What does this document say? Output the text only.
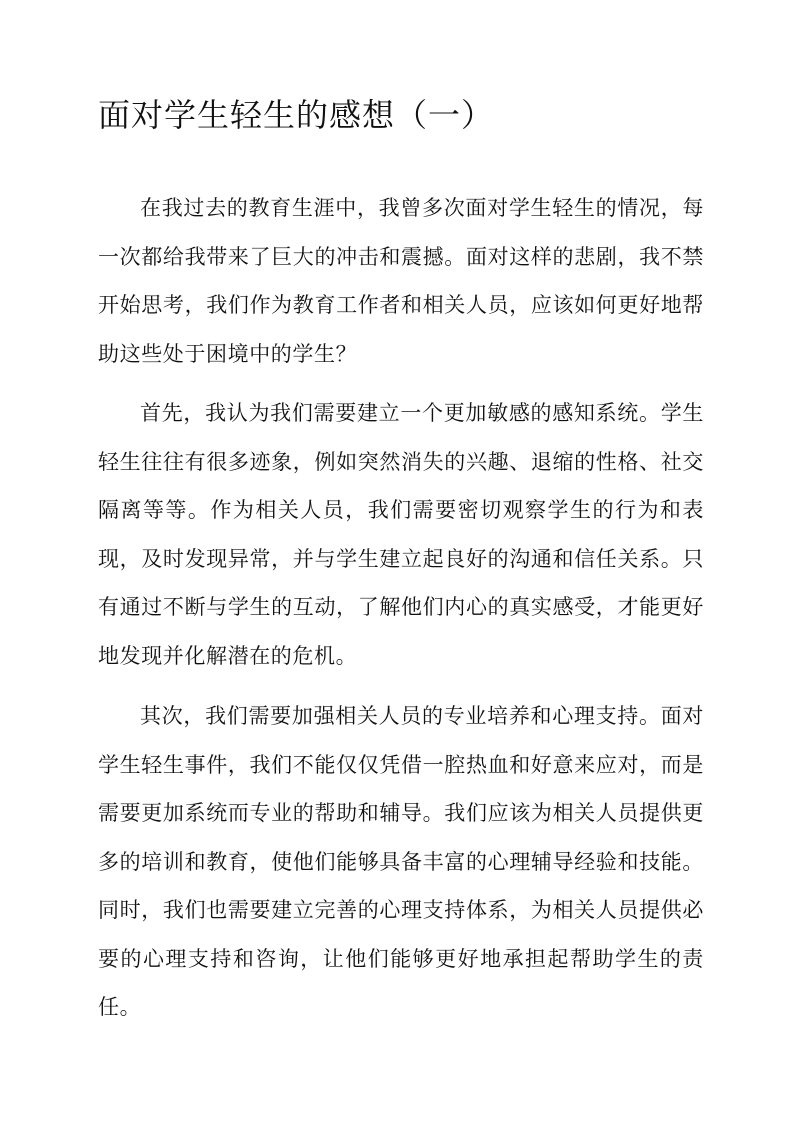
面对学生轻生的感想（一）

在我过去的教育生涯中，我曾多次面对学生轻生的情况，每一次都给我带来了巨大的冲击和震撼。面对这样的悲剧，我不禁开始思考，我们作为教育工作者和相关人员，应该如何更好地帮助这些处于困境中的学生？

首先，我认为我们需要建立一个更加敏感的感知系统。学生轻生往往有很多迹象，例如突然消失的兴趣、退缩的性格、社交隔离等等。作为相关人员，我们需要密切观察学生的行为和表现，及时发现异常，并与学生建立起良好的沟通和信任关系。只有通过不断与学生的互动，了解他们内心的真实感受，才能更好地发现并化解潜在的危机。

其次，我们需要加强相关人员的专业培养和心理支持。面对学生轻生事件，我们不能仅仅凭借一腔热血和好意来应对，而是需要更加系统而专业的帮助和辅导。我们应该为相关人员提供更多的培训和教育，使他们能够具备丰富的心理辅导经验和技能。同时，我们也需要建立完善的心理支持体系，为相关人员提供必要的心理支持和咨询，让他们能够更好地承担起帮助学生的责任。
